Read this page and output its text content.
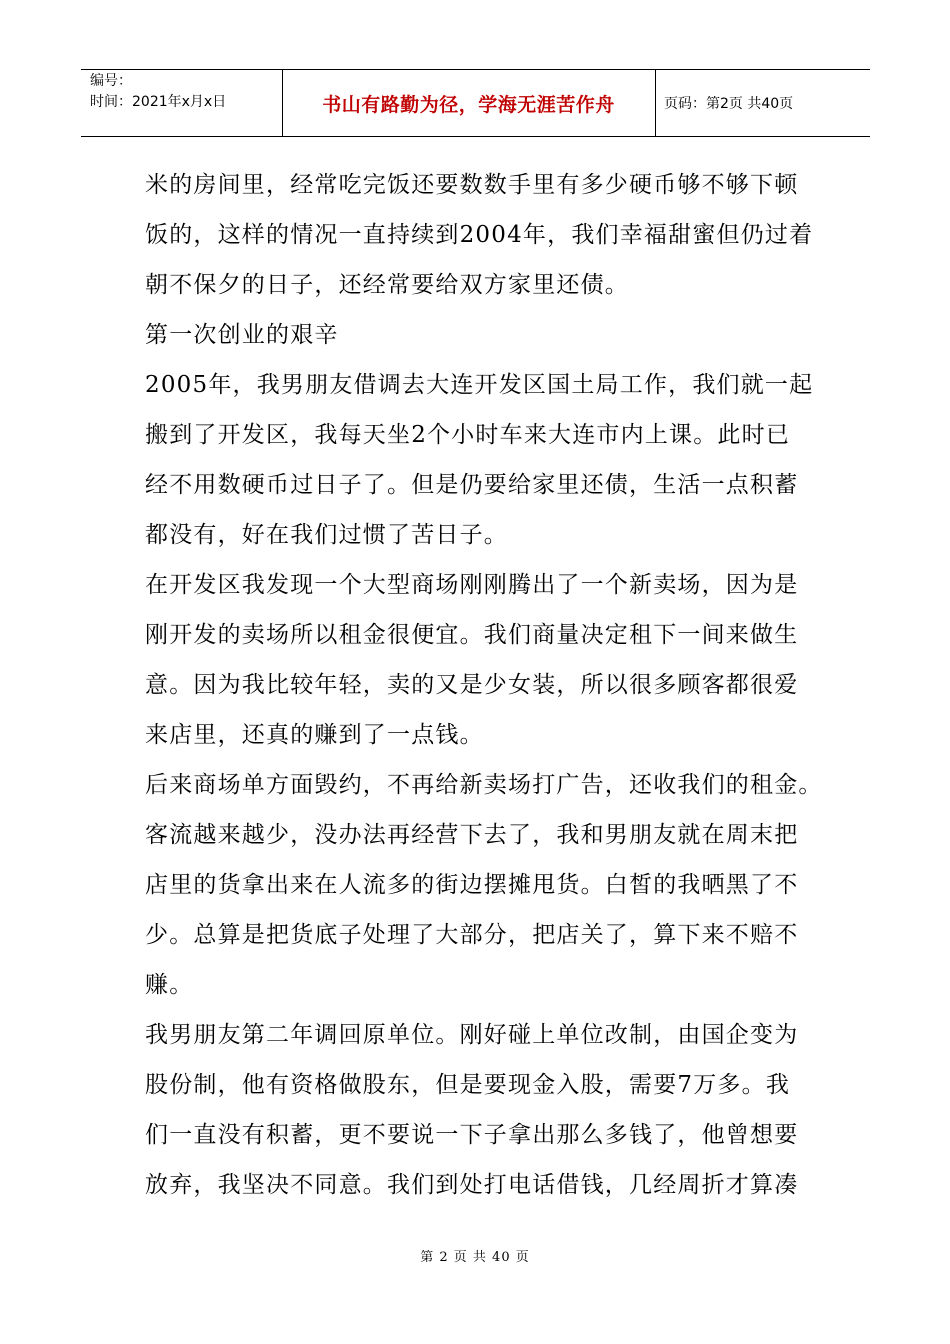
编号：
时间：2021年x月x日	书山有路勤为径，学海无涯苦作舟	页码：第2页 共40页
米的房间里，经常吃完饭还要数数手里有多少硬币够不够下顿
饭的，这样的情况一直持续到2004年，我们幸福甜蜜但仍过着
朝不保夕的日子，还经常要给双方家里还债。
第一次创业的艰辛
2005年，我男朋友借调去大连开发区国土局工作，我们就一起
搬到了开发区，我每天坐2个小时车来大连市内上课。此时已
经不用数硬币过日子了。但是仍要给家里还债，生活一点积蓄
都没有，好在我们过惯了苦日子。
在开发区我发现一个大型商场刚刚腾出了一个新卖场，因为是
刚开发的卖场所以租金很便宜。我们商量决定租下一间来做生
意。因为我比较年轻，卖的又是少女装，所以很多顾客都很爱
来店里，还真的赚到了一点钱。
后来商场单方面毁约，不再给新卖场打广告，还收我们的租金。
客流越来越少，没办法再经营下去了，我和男朋友就在周末把
店里的货拿出来在人流多的街边摆摊甩货。白皙的我晒黑了不
少。总算是把货底子处理了大部分，把店关了，算下来不赔不
赚。
我男朋友第二年调回原单位。刚好碰上单位改制，由国企变为
股份制，他有资格做股东，但是要现金入股，需要7万多。我
们一直没有积蓄，更不要说一下子拿出那么多钱了，他曾想要
放弃，我坚决不同意。我们到处打电话借钱，几经周折才算凑
第 2 页 共 40 页
